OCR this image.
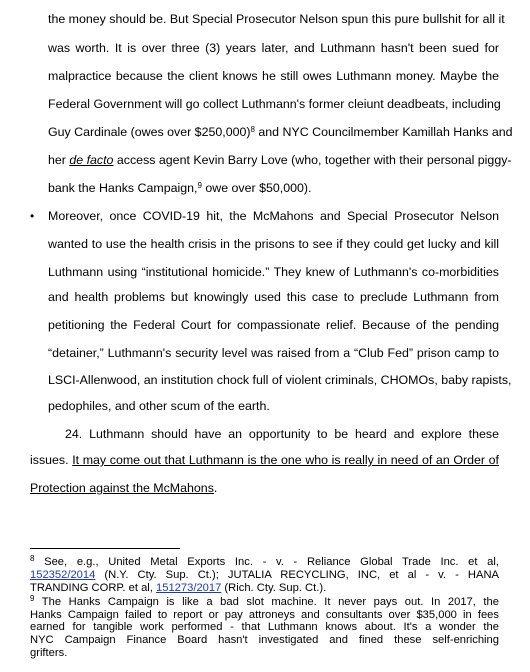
the money should be. But Special Prosecutor Nelson spun this pure bullshit for all it
was worth. It is over three (3) years later, and Luthmann hasn't been sued for
malpractice because the client knows he still owes Luthmann money. Maybe the
Federal Government will go collect Luthmann's former cleiunt deadbeats, including
Guy Cardinale (owes over $250,000)$^8$ and NYC Councilmember Kamillah Hanks and
her de facto access agent Kevin Barry Love (who, together with their personal piggy-
bank the Hanks Campaign,$^9$ owe over $50,000).
• Moreover, once COVID-19 hit, the McMahons and Special Prosecutor Nelson
wanted to use the health crisis in the prisons to see if they could get lucky and kill
Luthmann using “institutional homicide.” They knew of Luthmann's co-morbidities
and health problems but knowingly used this case to preclude Luthmann from
petitioning the Federal Court for compassionate relief. Because of the pending
“detainer,” Luthmann's security level was raised from a “Club Fed” prison camp to
LSCI-Allenwood, an institution chock full of violent criminals, CHOMOs, baby rapists,
pedophiles, and other scum of the earth.
24. Luthmann should have an opportunity to be heard and explore these
issues. It may come out that Luthmann is the one who is really in need of an Order of
Protection against the McMahons.
$^8$ See, e.g., United Metal Exports Inc. - v. - Reliance Global Trade Inc. et al,
152352/2014 (N.Y. Cty. Sup. Ct.); JUTALIA RECYCLING, INC, et al - v. - HANA
TRANDING CORP. et al, 151273/2017 (Rich. Cty. Sup. Ct.).
$^9$ The Hanks Campaign is like a bad slot machine. It never pays out. In 2017, the
Hanks Campaign failed to report or pay attroneys and consultants over $35,000 in fees
earned for tangible work performed - that Luthmann knows about. It's a wonder the
NYC Campaign Finance Board hasn't investigated and fined these self-enriching
grifters.
